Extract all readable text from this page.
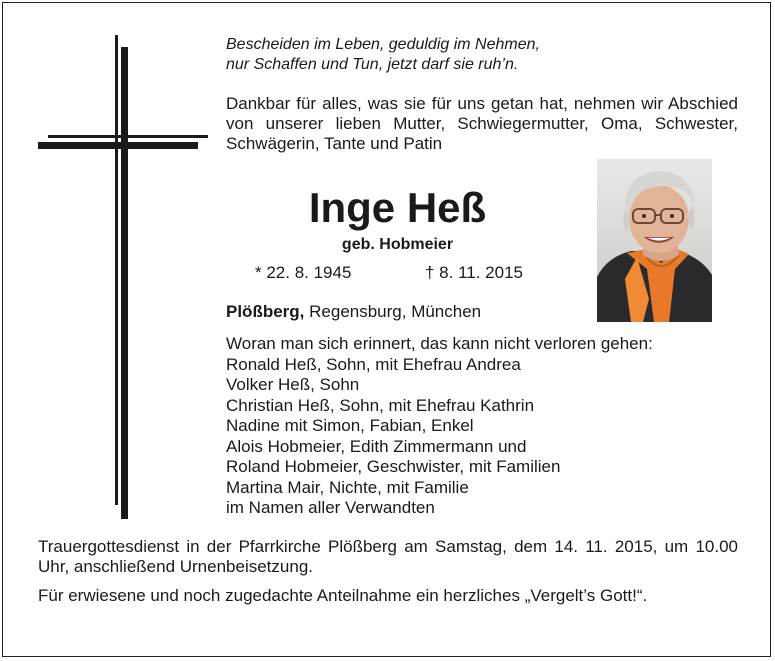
Bescheiden im Leben, geduldig im Nehmen,
nur Schaffen und Tun, jetzt darf sie ruh’n.
Dankbar für alles, was sie für uns getan hat, nehmen wir Abschied von unserer lieben Mutter, Schwiegermutter, Oma, Schwester, Schwägerin, Tante und Patin
Inge Heß
geb. Hobmeier
* 22. 8. 1945	† 8. 11. 2015
Plößberg, Regensburg, München
Woran man sich erinnert, das kann nicht verloren gehen:
Ronald Heß, Sohn, mit Ehefrau Andrea
Volker Heß, Sohn
Christian Heß, Sohn, mit Ehefrau Kathrin
Nadine mit Simon, Fabian, Enkel
Alois Hobmeier, Edith Zimmermann und
Roland Hobmeier, Geschwister, mit Familien
Martina Mair, Nichte, mit Familie
im Namen aller Verwandten
Trauergottesdienst in der Pfarrkirche Plößberg am Samstag, dem 14. 11. 2015, um 10.00 Uhr, anschließend Urnenbeisetzung.
Für erwiesene und noch zugedachte Anteilnahme ein herzliches „Vergelt’s Gott!“.
